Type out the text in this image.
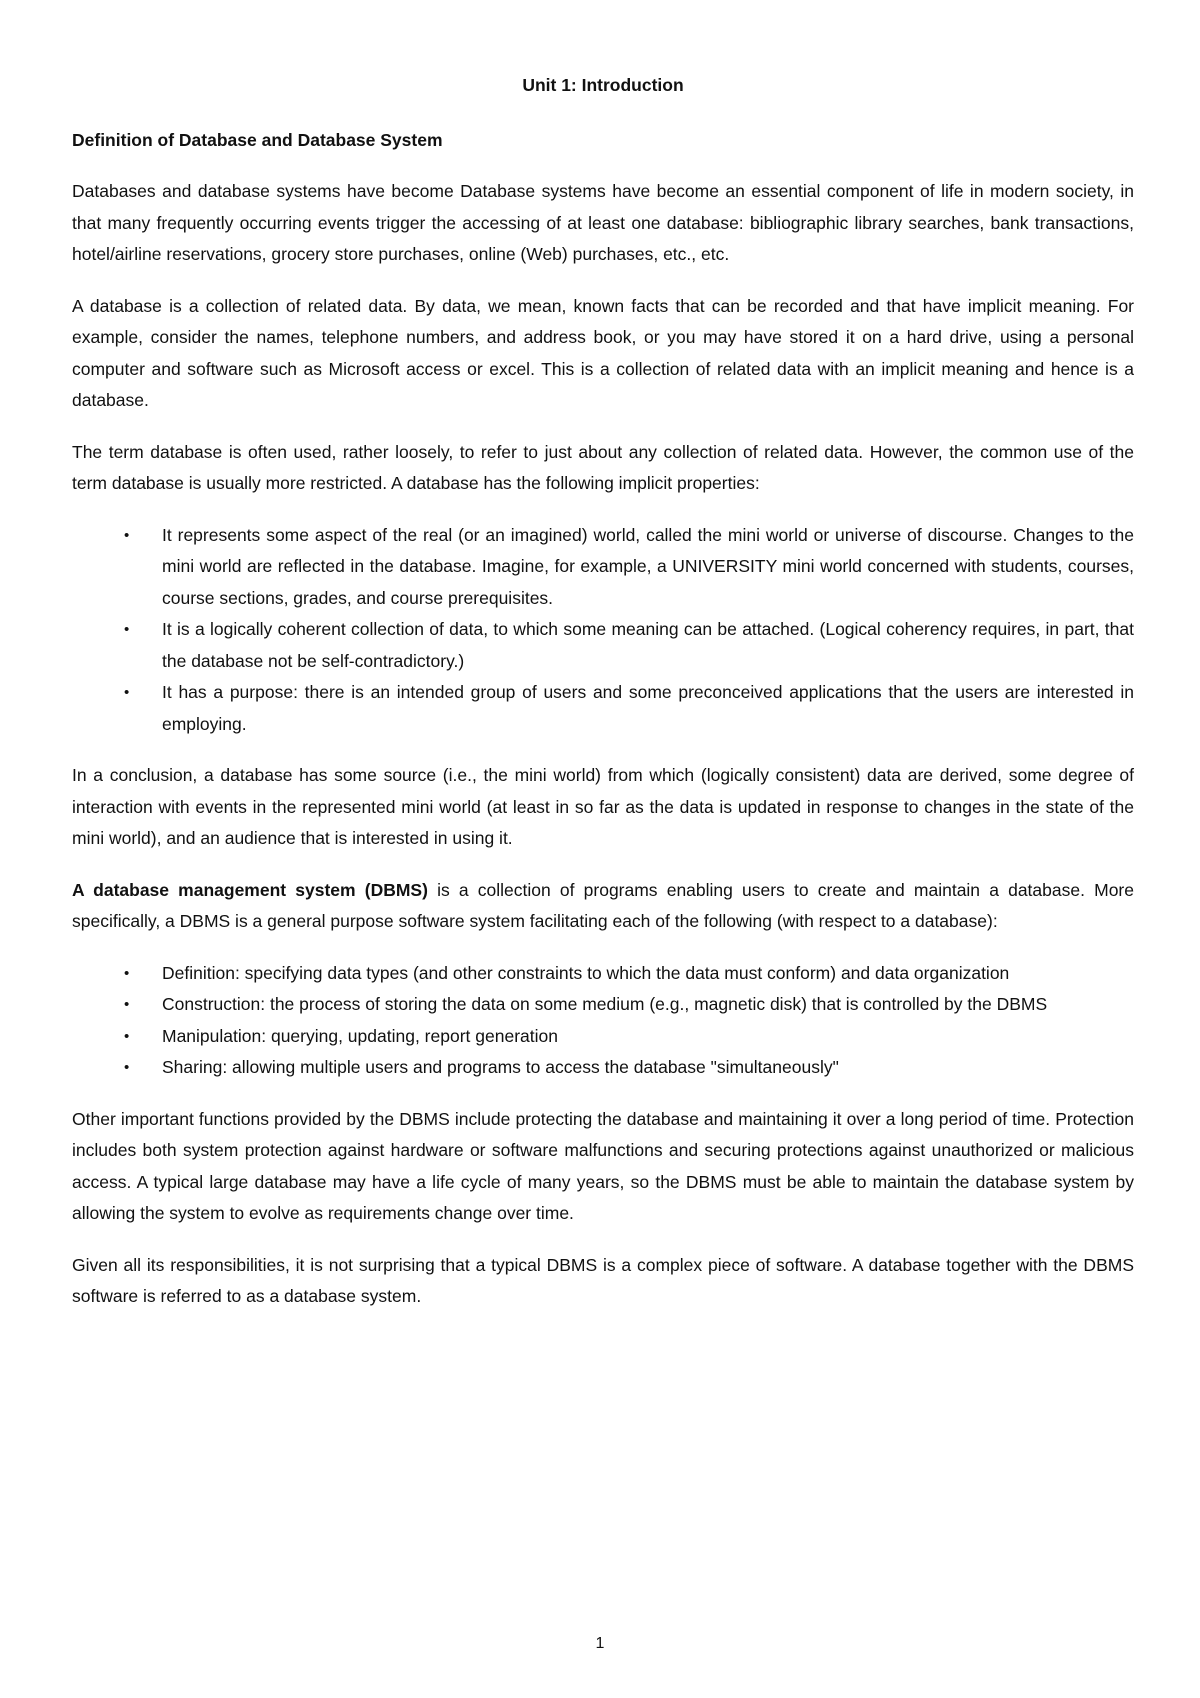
Unit 1: Introduction
Definition of Database and Database System

Databases and database systems have become Database systems have become an essential component of life in modern society, in that many frequently occurring events trigger the accessing of at least one database: bibliographic library searches, bank transactions, hotel/airline reservations, grocery store purchases, online (Web) purchases, etc., etc.

A database is a collection of related data. By data, we mean, known facts that can be recorded and that have implicit meaning. For example, consider the names, telephone numbers, and address book, or you may have stored it on a hard drive, using a personal computer and software such as Microsoft access or excel. This is a collection of related data with an implicit meaning and hence is a database.

The term database is often used, rather loosely, to refer to just about any collection of related data. However, the common use of the term database is usually more restricted. A database has the following implicit properties:

• It represents some aspect of the real (or an imagined) world, called the mini world or universe of discourse. Changes to the mini world are reflected in the database. Imagine, for example, a UNIVERSITY mini world concerned with students, courses, course sections, grades, and course prerequisites.
• It is a logically coherent collection of data, to which some meaning can be attached. (Logical coherency requires, in part, that the database not be self-contradictory.)
• It has a purpose: there is an intended group of users and some preconceived applications that the users are interested in employing.

In a conclusion, a database has some source (i.e., the mini world) from which (logically consistent) data are derived, some degree of interaction with events in the represented mini world (at least in so far as the data is updated in response to changes in the state of the mini world), and an audience that is interested in using it.

A database management system (DBMS) is a collection of programs enabling users to create and maintain a database. More specifically, a DBMS is a general purpose software system facilitating each of the following (with respect to a database):

• Definition: specifying data types (and other constraints to which the data must conform) and data organization
• Construction: the process of storing the data on some medium (e.g., magnetic disk) that is controlled by the DBMS
• Manipulation: querying, updating, report generation
• Sharing: allowing multiple users and programs to access the database "simultaneously"

Other important functions provided by the DBMS include protecting the database and maintaining it over a long period of time. Protection includes both system protection against hardware or software malfunctions and securing protections against unauthorized or malicious access. A typical large database may have a life cycle of many years, so the DBMS must be able to maintain the database system by allowing the system to evolve as requirements change over time.

Given all its responsibilities, it is not surprising that a typical DBMS is a complex piece of software. A database together with the DBMS software is referred to as a database system.

1
